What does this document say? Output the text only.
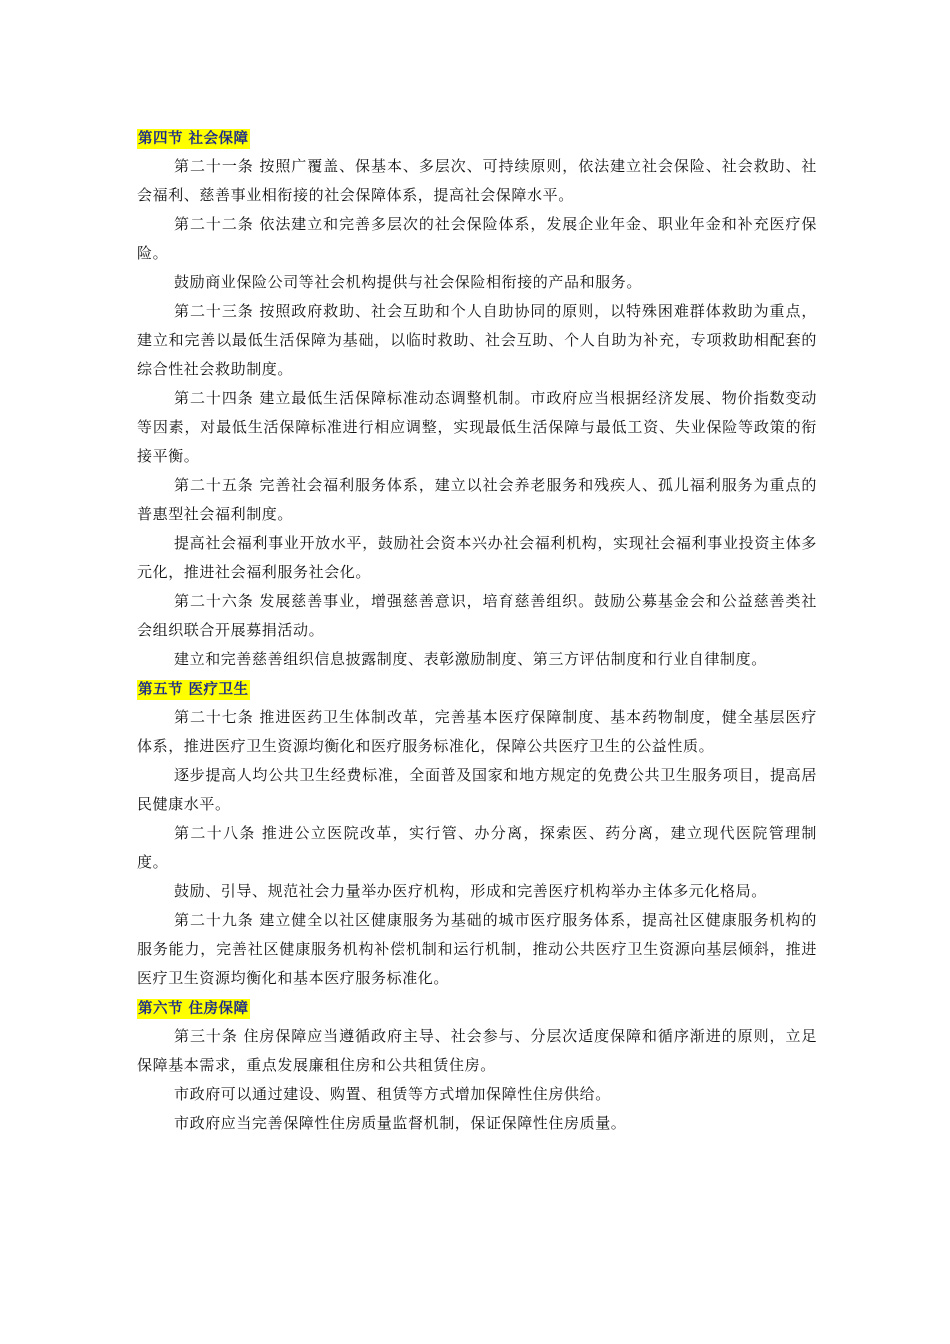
第四节 社会保障

第二十一条 按照广覆盖、保基本、多层次、可持续原则，依法建立社会保险、社会救助、社会福利、慈善事业相衔接的社会保障体系，提高社会保障水平。

第二十二条 依法建立和完善多层次的社会保险体系，发展企业年金、职业年金和补充医疗保险。

鼓励商业保险公司等社会机构提供与社会保险相衔接的产品和服务。

第二十三条 按照政府救助、社会互助和个人自助协同的原则，以特殊困难群体救助为重点，建立和完善以最低生活保障为基础，以临时救助、社会互助、个人自助为补充，专项救助相配套的综合性社会救助制度。

第二十四条 建立最低生活保障标准动态调整机制。市政府应当根据经济发展、物价指数变动等因素，对最低生活保障标准进行相应调整，实现最低生活保障与最低工资、失业保险等政策的衔接平衡。

第二十五条 完善社会福利服务体系，建立以社会养老服务和残疾人、孤儿福利服务为重点的普惠型社会福利制度。

提高社会福利事业开放水平，鼓励社会资本兴办社会福利机构，实现社会福利事业投资主体多元化，推进社会福利服务社会化。

第二十六条 发展慈善事业，增强慈善意识，培育慈善组织。鼓励公募基金会和公益慈善类社会组织联合开展募捐活动。

建立和完善慈善组织信息披露制度、表彰激励制度、第三方评估制度和行业自律制度。

第五节 医疗卫生

第二十七条 推进医药卫生体制改革，完善基本医疗保障制度、基本药物制度，健全基层医疗体系，推进医疗卫生资源均衡化和医疗服务标准化，保障公共医疗卫生的公益性质。

逐步提高人均公共卫生经费标准，全面普及国家和地方规定的免费公共卫生服务项目，提高居民健康水平。

第二十八条 推进公立医院改革，实行管、办分离，探索医、药分离，建立现代医院管理制度。

鼓励、引导、规范社会力量举办医疗机构，形成和完善医疗机构举办主体多元化格局。

第二十九条 建立健全以社区健康服务为基础的城市医疗服务体系，提高社区健康服务机构的服务能力，完善社区健康服务机构补偿机制和运行机制，推动公共医疗卫生资源向基层倾斜，推进医疗卫生资源均衡化和基本医疗服务标准化。

第六节 住房保障

第三十条 住房保障应当遵循政府主导、社会参与、分层次适度保障和循序渐进的原则，立足保障基本需求，重点发展廉租住房和公共租赁住房。

市政府可以通过建设、购置、租赁等方式增加保障性住房供给。

市政府应当完善保障性住房质量监督机制，保证保障性住房质量。
